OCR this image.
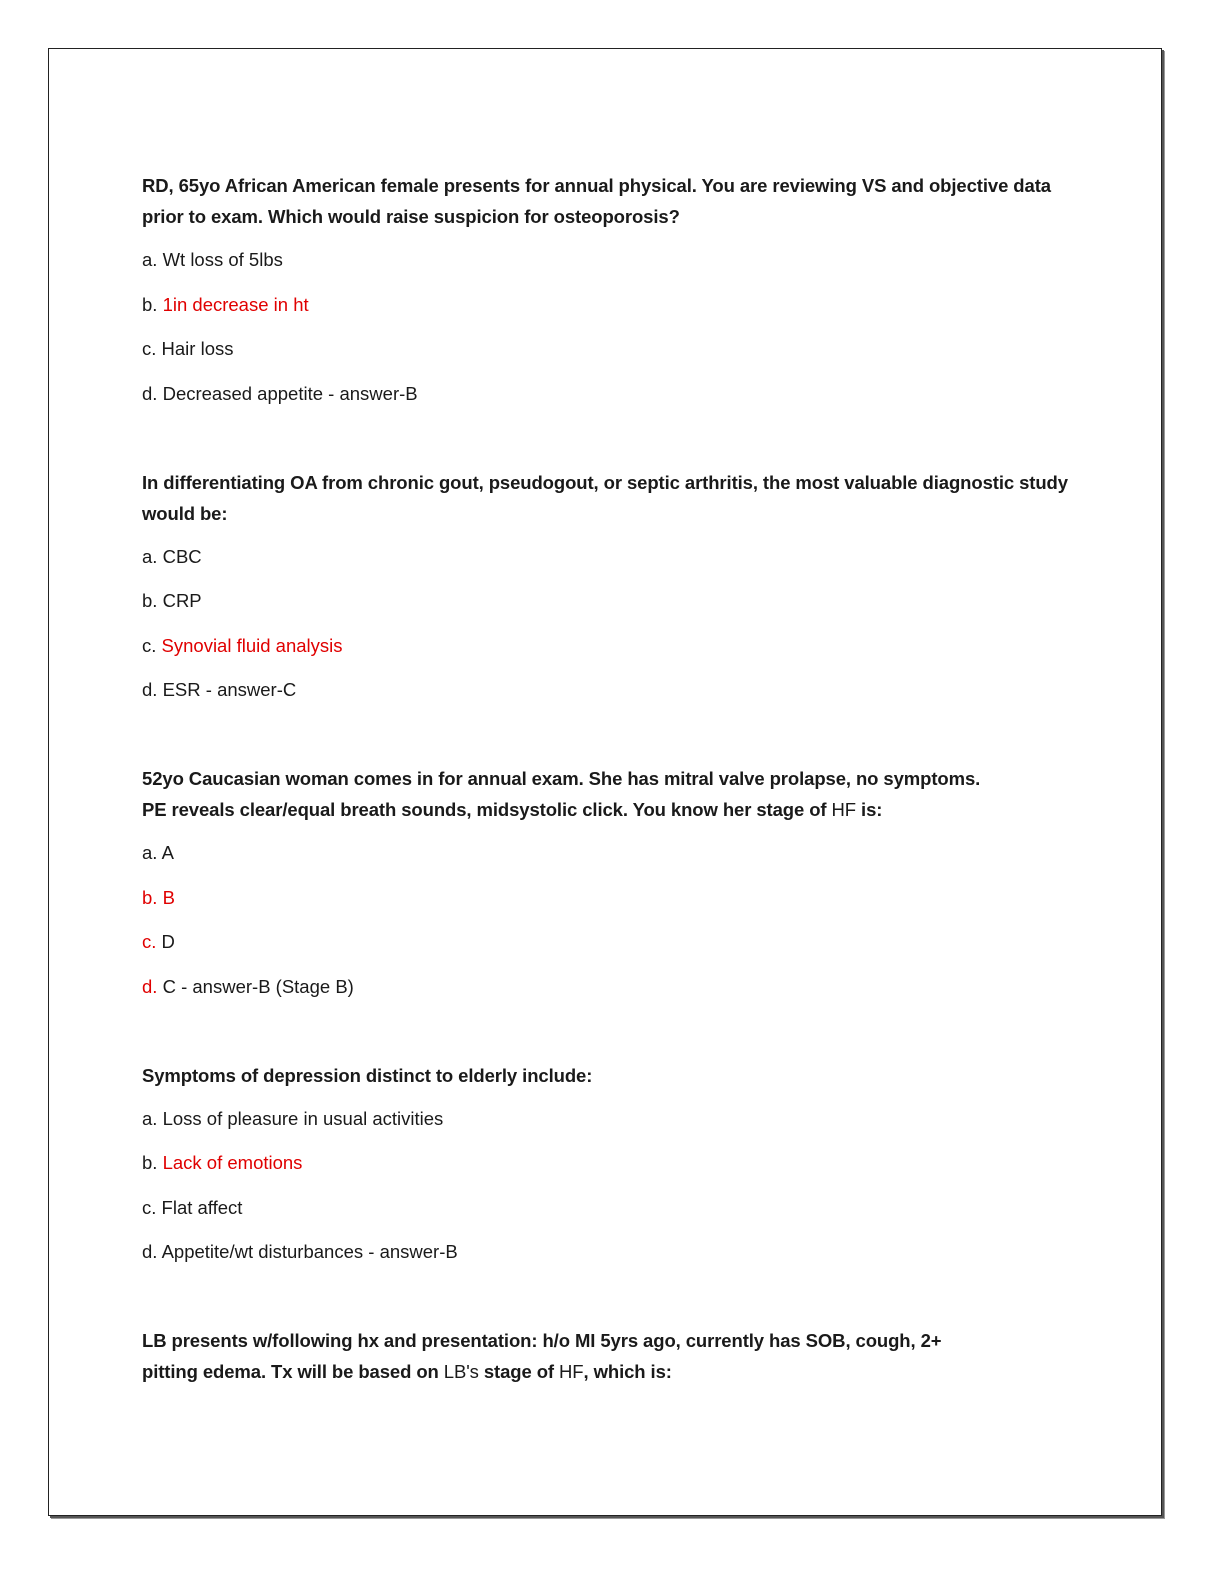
RD, 65yo African American female presents for annual physical. You are reviewing VS and objective data prior to exam. Which would raise suspicion for osteoporosis?
a. Wt loss of 5lbs
b. 1in decrease in ht
c. Hair loss
d. Decreased appetite - answer-B
In differentiating OA from chronic gout, pseudogout, or septic arthritis, the most valuable diagnostic study would be:
a. CBC
b. CRP
c. Synovial fluid analysis
d. ESR - answer-C
52yo Caucasian woman comes in for annual exam. She has mitral valve prolapse, no symptoms.
PE reveals clear/equal breath sounds, midsystolic click. You know her stage of HF is:
a. A
b. B
c. D
d. C - answer-B (Stage B)
Symptoms of depression distinct to elderly include:
a. Loss of pleasure in usual activities
b. Lack of emotions
c. Flat affect
d. Appetite/wt disturbances - answer-B
LB presents w/following hx and presentation: h/o MI 5yrs ago, currently has SOB, cough, 2+
pitting edema. Tx will be based on LB's stage of HF, which is:
